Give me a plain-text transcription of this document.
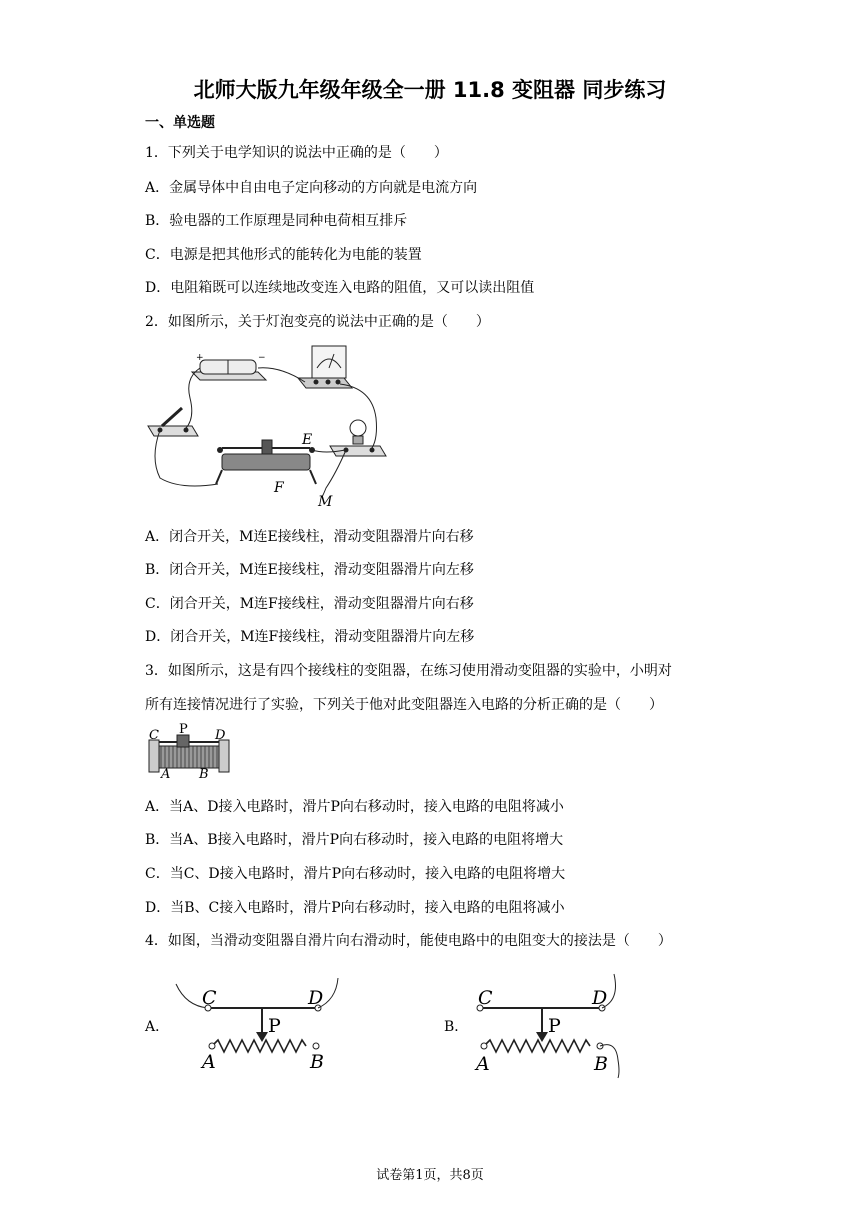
北师大版九年级年级全一册 11.8 变阻器 同步练习
一、单选题
1．下列关于电学知识的说法中正确的是（　　）
A．金属导体中自由电子定向移动的方向就是电流方向
B．验电器的工作原理是同种电荷相互排斥
C．电源是把其他形式的能转化为电能的装置
D．电阻箱既可以连续地改变连入电路的阻值，又可以读出阻值
2．如图所示，关于灯泡变亮的说法中正确的是（　　）
+	−
E
F
M
A．闭合开关，M连E接线柱，滑动变阻器滑片向右移
B．闭合开关，M连E接线柱，滑动变阻器滑片向左移
C．闭合开关，M连F接线柱，滑动变阻器滑片向右移
D．闭合开关，M连F接线柱，滑动变阻器滑片向左移
3．如图所示，这是有四个接线柱的变阻器，在练习使用滑动变阻器的实验中，小明对
所有连接情况进行了实验，下列关于他对此变阻器连入电路的分析正确的是（　　）
C P D
A B
A．当A、D接入电路时，滑片P向右移动时，接入电路的电阻将减小
B．当A、B接入电路时，滑片P向右移动时，接入电路的电阻将增大
C．当C、D接入电路时，滑片P向右移动时，接入电路的电阻将增大
D．当B、C接入电路时，滑片P向右移动时，接入电路的电阻将减小
4．如图，当滑动变阻器自滑片向右滑动时，能使电路中的电阻变大的接法是（　　）
A．
C	D
P
A	B
B．
C	D
P
A	B
试卷第1页，共8页
